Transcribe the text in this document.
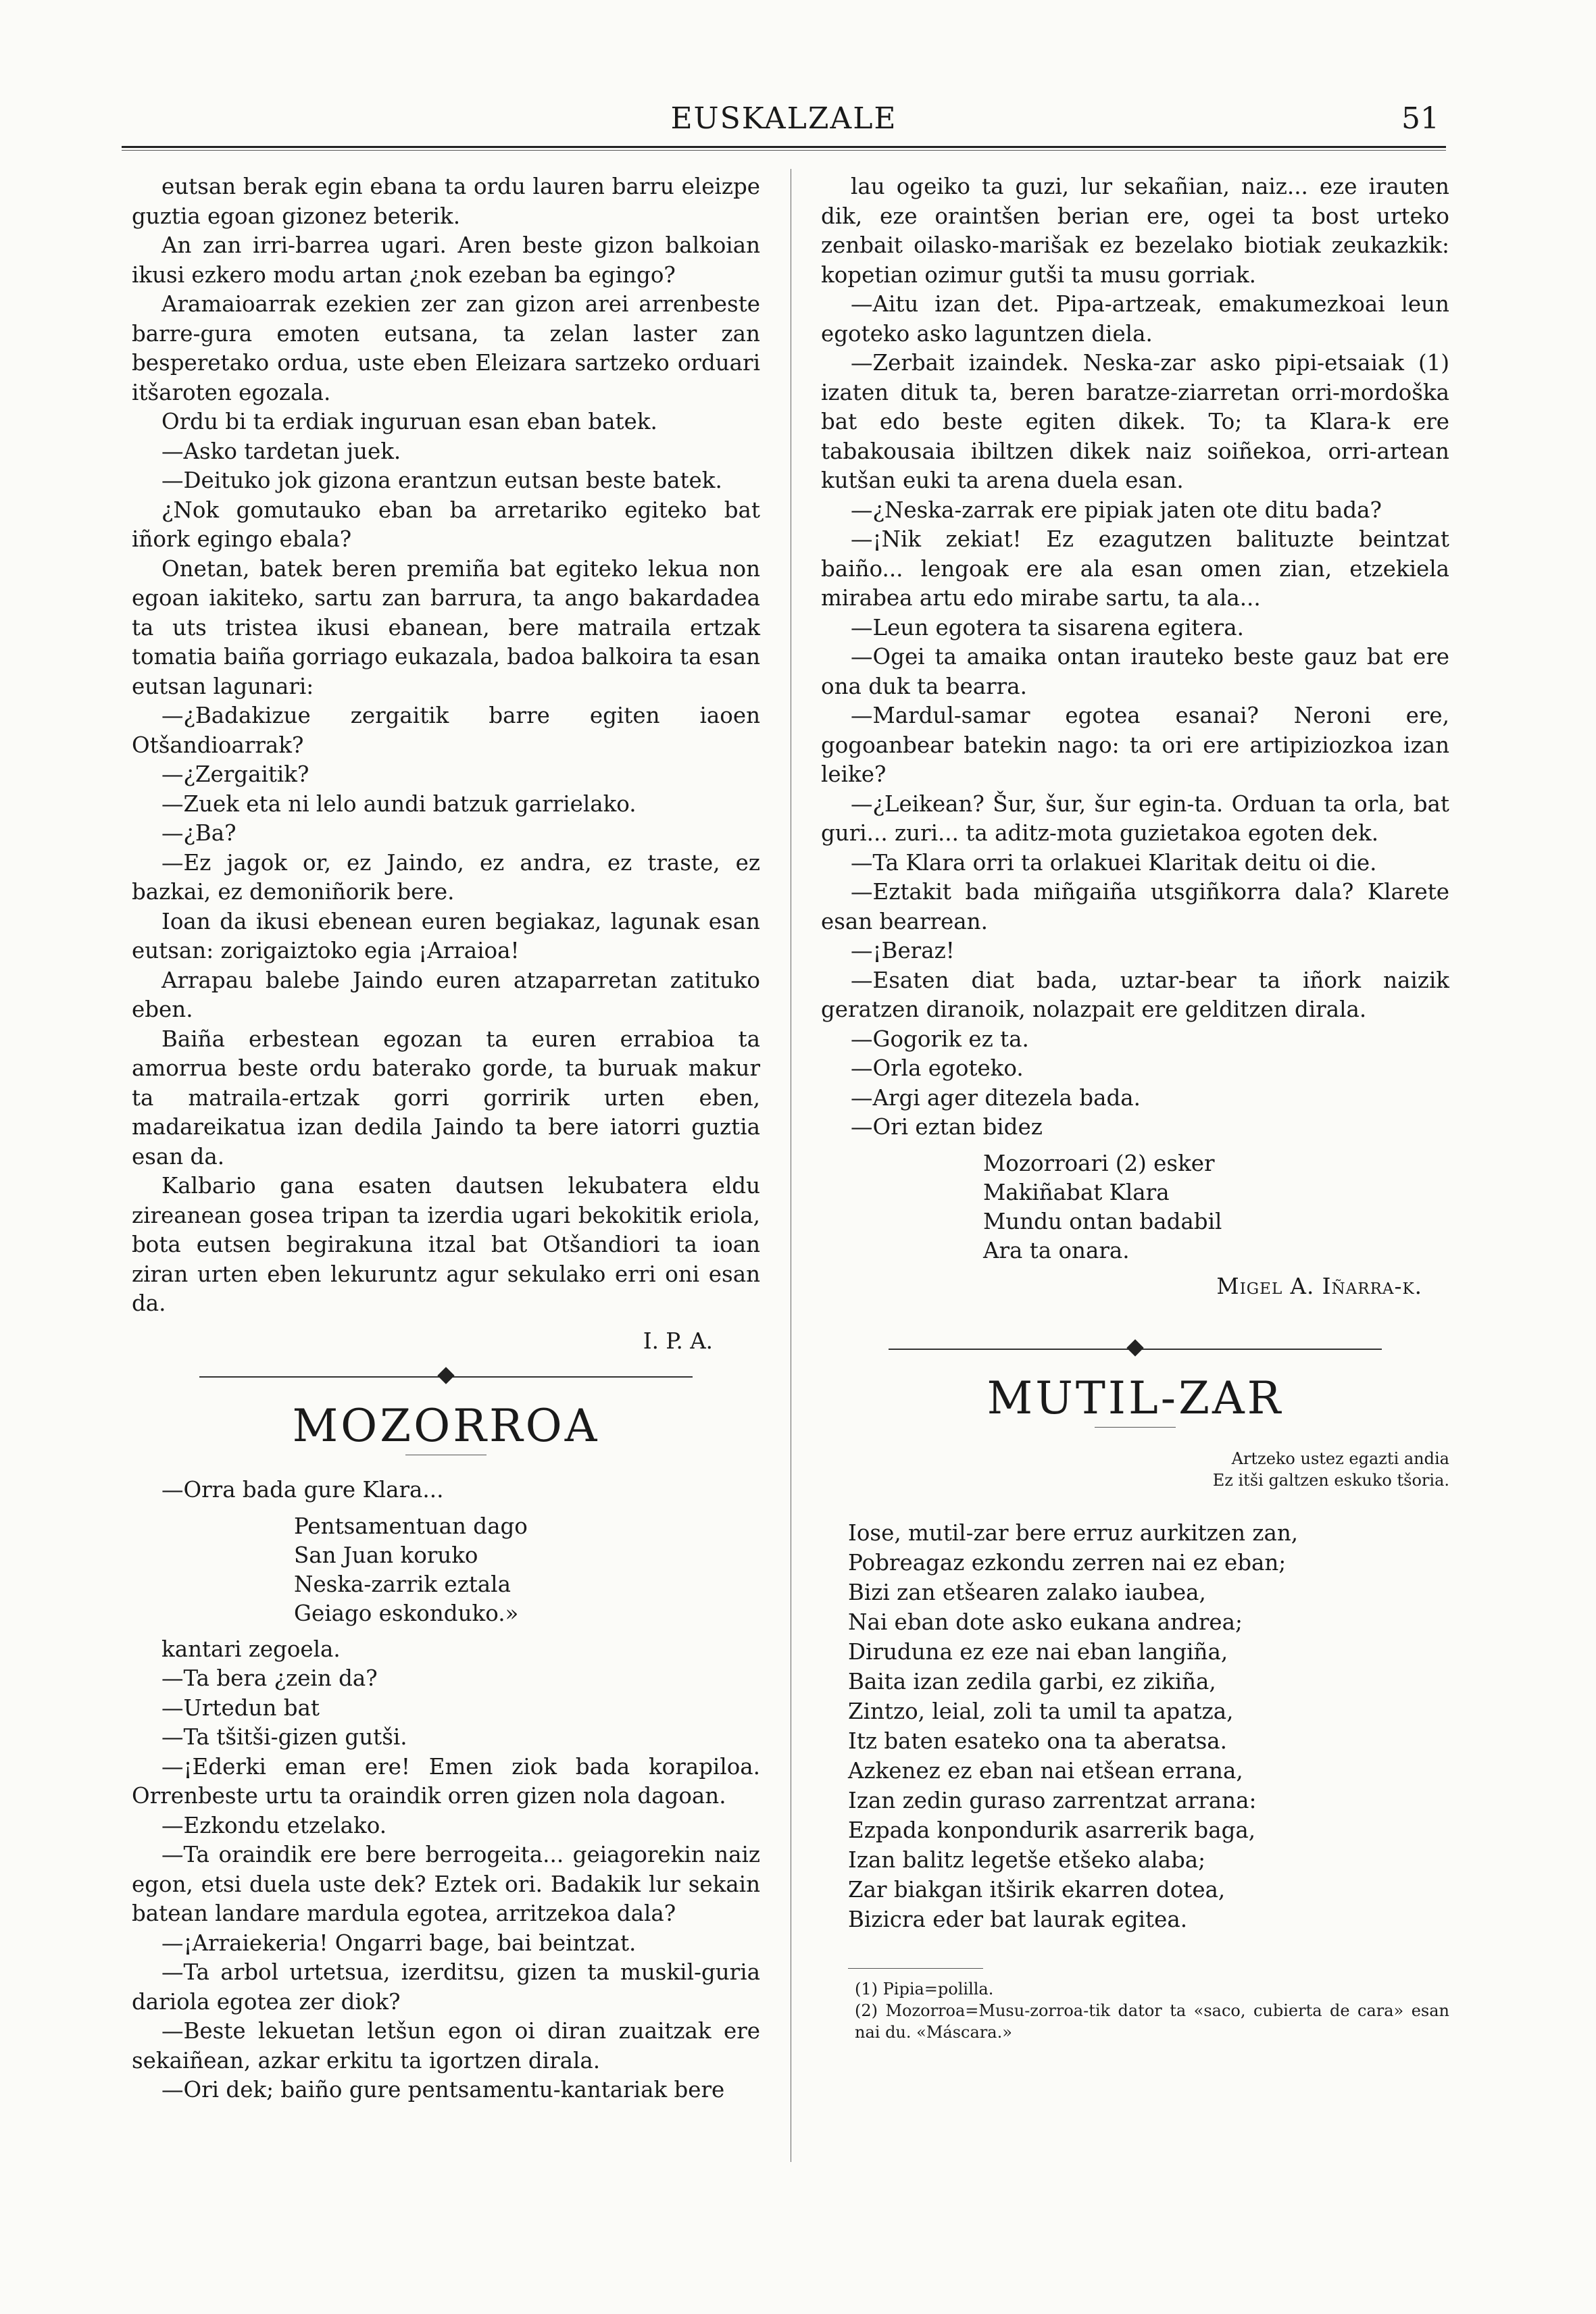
EUSKALZALE	51

eutsan berak egin ebana ta ordu lauren barru eleizpe guztia egoan gizonez beterik.

An zan irri-barrea ugari. Aren beste gizon balkoian ikusi ezkero modu artan ¿nok ezeban ba egingo?

Aramaioarrak ezekien zer zan gizon arei arrenbeste barre-gura emoten eutsana, ta zelan laster zan besperetako ordua, uste eben Eleizara sartzeko orduari itšaroten egozala.

Ordu bi ta erdiak inguruan esan eban batek.

—Asko tardetan juek.

—Deituko jok gizona erantzun eutsan beste batek.

¿Nok gomutauko eban ba arretariko egiteko bat iñork egingo ebala?

Onetan, batek beren premiña bat egiteko lekua non egoan iakiteko, sartu zan barrura, ta ango bakardadea ta uts tristea ikusi ebanean, bere matraila ertzak tomatia baiña gorriago eukazala, badoa balkoira ta esan eutsan lagunari:

—¿Badakizue zergaitik barre egiten iaoen Otšandioarrak?

—¿Zergaitik?

—Zuek eta ni lelo aundi batzuk garrielako.

—¿Ba?

—Ez jagok or, ez Jaindo, ez andra, ez traste, ez bazkai, ez demoniñorik bere.

Ioan da ikusi ebenean euren begiakaz, lagunak esan eutsan: zorigaiztoko egia ¡Arraioa!

Arrapau balebe Jaindo euren atzaparretan zatituko eben.

Baiña erbestean egozan ta euren errabioa ta amorrua beste ordu baterako gorde, ta buruak makur ta matraila-ertzak gorri gorririk urten eben, madareikatua izan dedila Jaindo ta bere iatorri guztia esan da.

Kalbario gana esaten dautsen lekubatera eldu zireanean gosea tripan ta izerdia ugari bekokitik eriola, bota eutsen begirakuna itzal bat Otšandiori ta ioan ziran urten eben lekuruntz agur sekulako erri oni esan da.

I. P. A.
MOZORROA

—Orra bada gure Klara...

Pentsamentuan dago
San Juan koruko
Neska-zarrik eztala
Geiago eskonduko.»

kantari zegoela.

—Ta bera ¿zein da?

—Urtedun bat

—Ta tšitši-gizen gutši.

—¡Ederki eman ere! Emen ziok bada korapiloa. Orrenbeste urtu ta oraindik orren gizen nola dagoan.

—Ezkondu etzelako.

—Ta oraindik ere bere berrogeita... geiagorekin naiz egon, etsi duela uste dek? Eztek ori. Badakik lur sekain batean landare mardula egotea, arritzekoa dala?

—¡Arraiekeria! Ongarri bage, bai beintzat.

—Ta arbol urtetsua, izerditsu, gizen ta muskil-guria dariola egotea zer diok?

—Beste lekuetan letšun egon oi diran zuaitzak ere sekaiñean, azkar erkitu ta igortzen dirala.

—Ori dek; baiño gure pentsamentu-kantariak bere

lau ogeiko ta guzi, lur sekañian, naiz... eze irauten dik, eze oraintšen berian ere, ogei ta bost urteko zenbait oilasko-marišak ez bezelako biotiak zeukazkik: kopetian ozimur gutši ta musu gorriak.

—Aitu izan det. Pipa-artzeak, emakumezkoai leun egoteko asko laguntzen diela.

—Zerbait izaindek. Neska-zar asko pipi-etsaiak (1) izaten dituk ta, beren baratze-ziarretan orri-mordoška bat edo beste egiten dikek. To; ta Klara-k ere tabakousaia ibiltzen dikek naiz soiñekoa, orri-artean kutšan euki ta arena duela esan.

—¿Neska-zarrak ere pipiak jaten ote ditu bada?

—¡Nik zekiat! Ez ezagutzen balituzte beintzat baiño... lengoak ere ala esan omen zian, etzekiela mirabea artu edo mirabe sartu, ta ala...

—Leun egotera ta sisarena egitera.

—Ogei ta amaika ontan irauteko beste gauz bat ere ona duk ta bearra.

—Mardul-samar egotea esanai? Neroni ere, gogoanbear batekin nago: ta ori ere artipiziozkoa izan leike?

—¿Leikean? Šur, šur, šur egin-ta. Orduan ta orla, bat guri... zuri... ta aditz-mota guzietakoa egoten dek.

—Ta Klara orri ta orlakuei Klaritak deitu oi die.

—Eztakit bada miñgaiña utsgiñkorra dala? Klarete esan bearrean.

—¡Beraz!

—Esaten diat bada, uztar-bear ta iñork naizik geratzen diranoik, nolazpait ere gelditzen dirala.

—Gogorik ez ta.

—Orla egoteko.

—Argi ager ditezela bada.

—Ori eztan bidez

Mozorroari (2) esker
Makiñabat Klara
Mundu ontan badabil
Ara ta onara.
Migel A. Iñarra-k.
MUTIL-ZAR
Artzeko ustez egazti andia
Ez itši galtzen eskuko tšoria.
Iose, mutil-zar bere erruz aurkitzen zan,
Pobreagaz ezkondu zerren nai ez eban;
Bizi zan etšearen zalako iaubea,
Nai eban dote asko eukana andrea;
Diruduna ez eze nai eban langiña,
Baita izan zedila garbi, ez zikiña,
Zintzo, leial, zoli ta umil ta apatza,
Itz baten esateko ona ta aberatsa.
Azkenez ez eban nai etšean errana,
Izan zedin guraso zarrentzat arrana:
Ezpada konpondurik asarrerik baga,
Izan balitz legetše etšeko alaba;
Zar biakgan itširik ekarren dotea,
Bizicra eder bat laurak egitea.
(1) Pipia=polilla.
(2) Mozorroa=Musu-zorroa-tik dator ta «saco, cubierta de cara» esan nai du. «Máscara.»
